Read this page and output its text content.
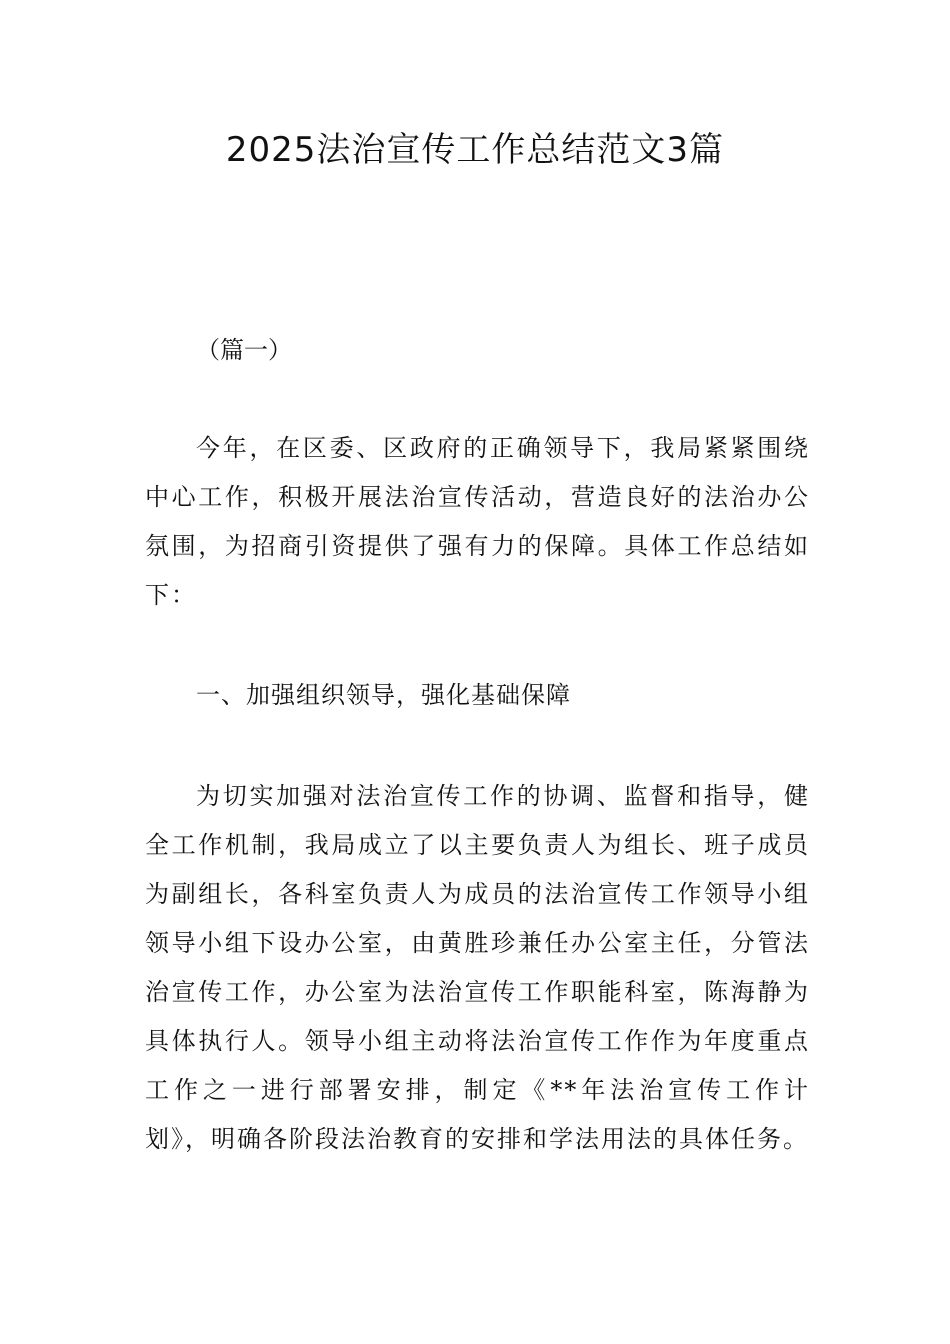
2025法治宣传工作总结范文3篇

（篇一）

今年，在区委、区政府的正确领导下，我局紧紧围绕中心工作，积极开展法治宣传活动，营造良好的法治办公氛围，为招商引资提供了强有力的保障。具体工作总结如下：

一、加强组织领导，强化基础保障

为切实加强对法治宣传工作的协调、监督和指导，健全工作机制，我局成立了以主要负责人为组长、班子成员为副组长，各科室负责人为成员的法治宣传工作领导小组领导小组下设办公室，由黄胜珍兼任办公室主任，分管法治宣传工作，办公室为法治宣传工作职能科室，陈海静为具体执行人。领导小组主动将法治宣传工作作为年度重点工作之一进行部署安排，制定《**年法治宣传工作计划》，明确各阶段法治教育的安排和学法用法的具体任务。
